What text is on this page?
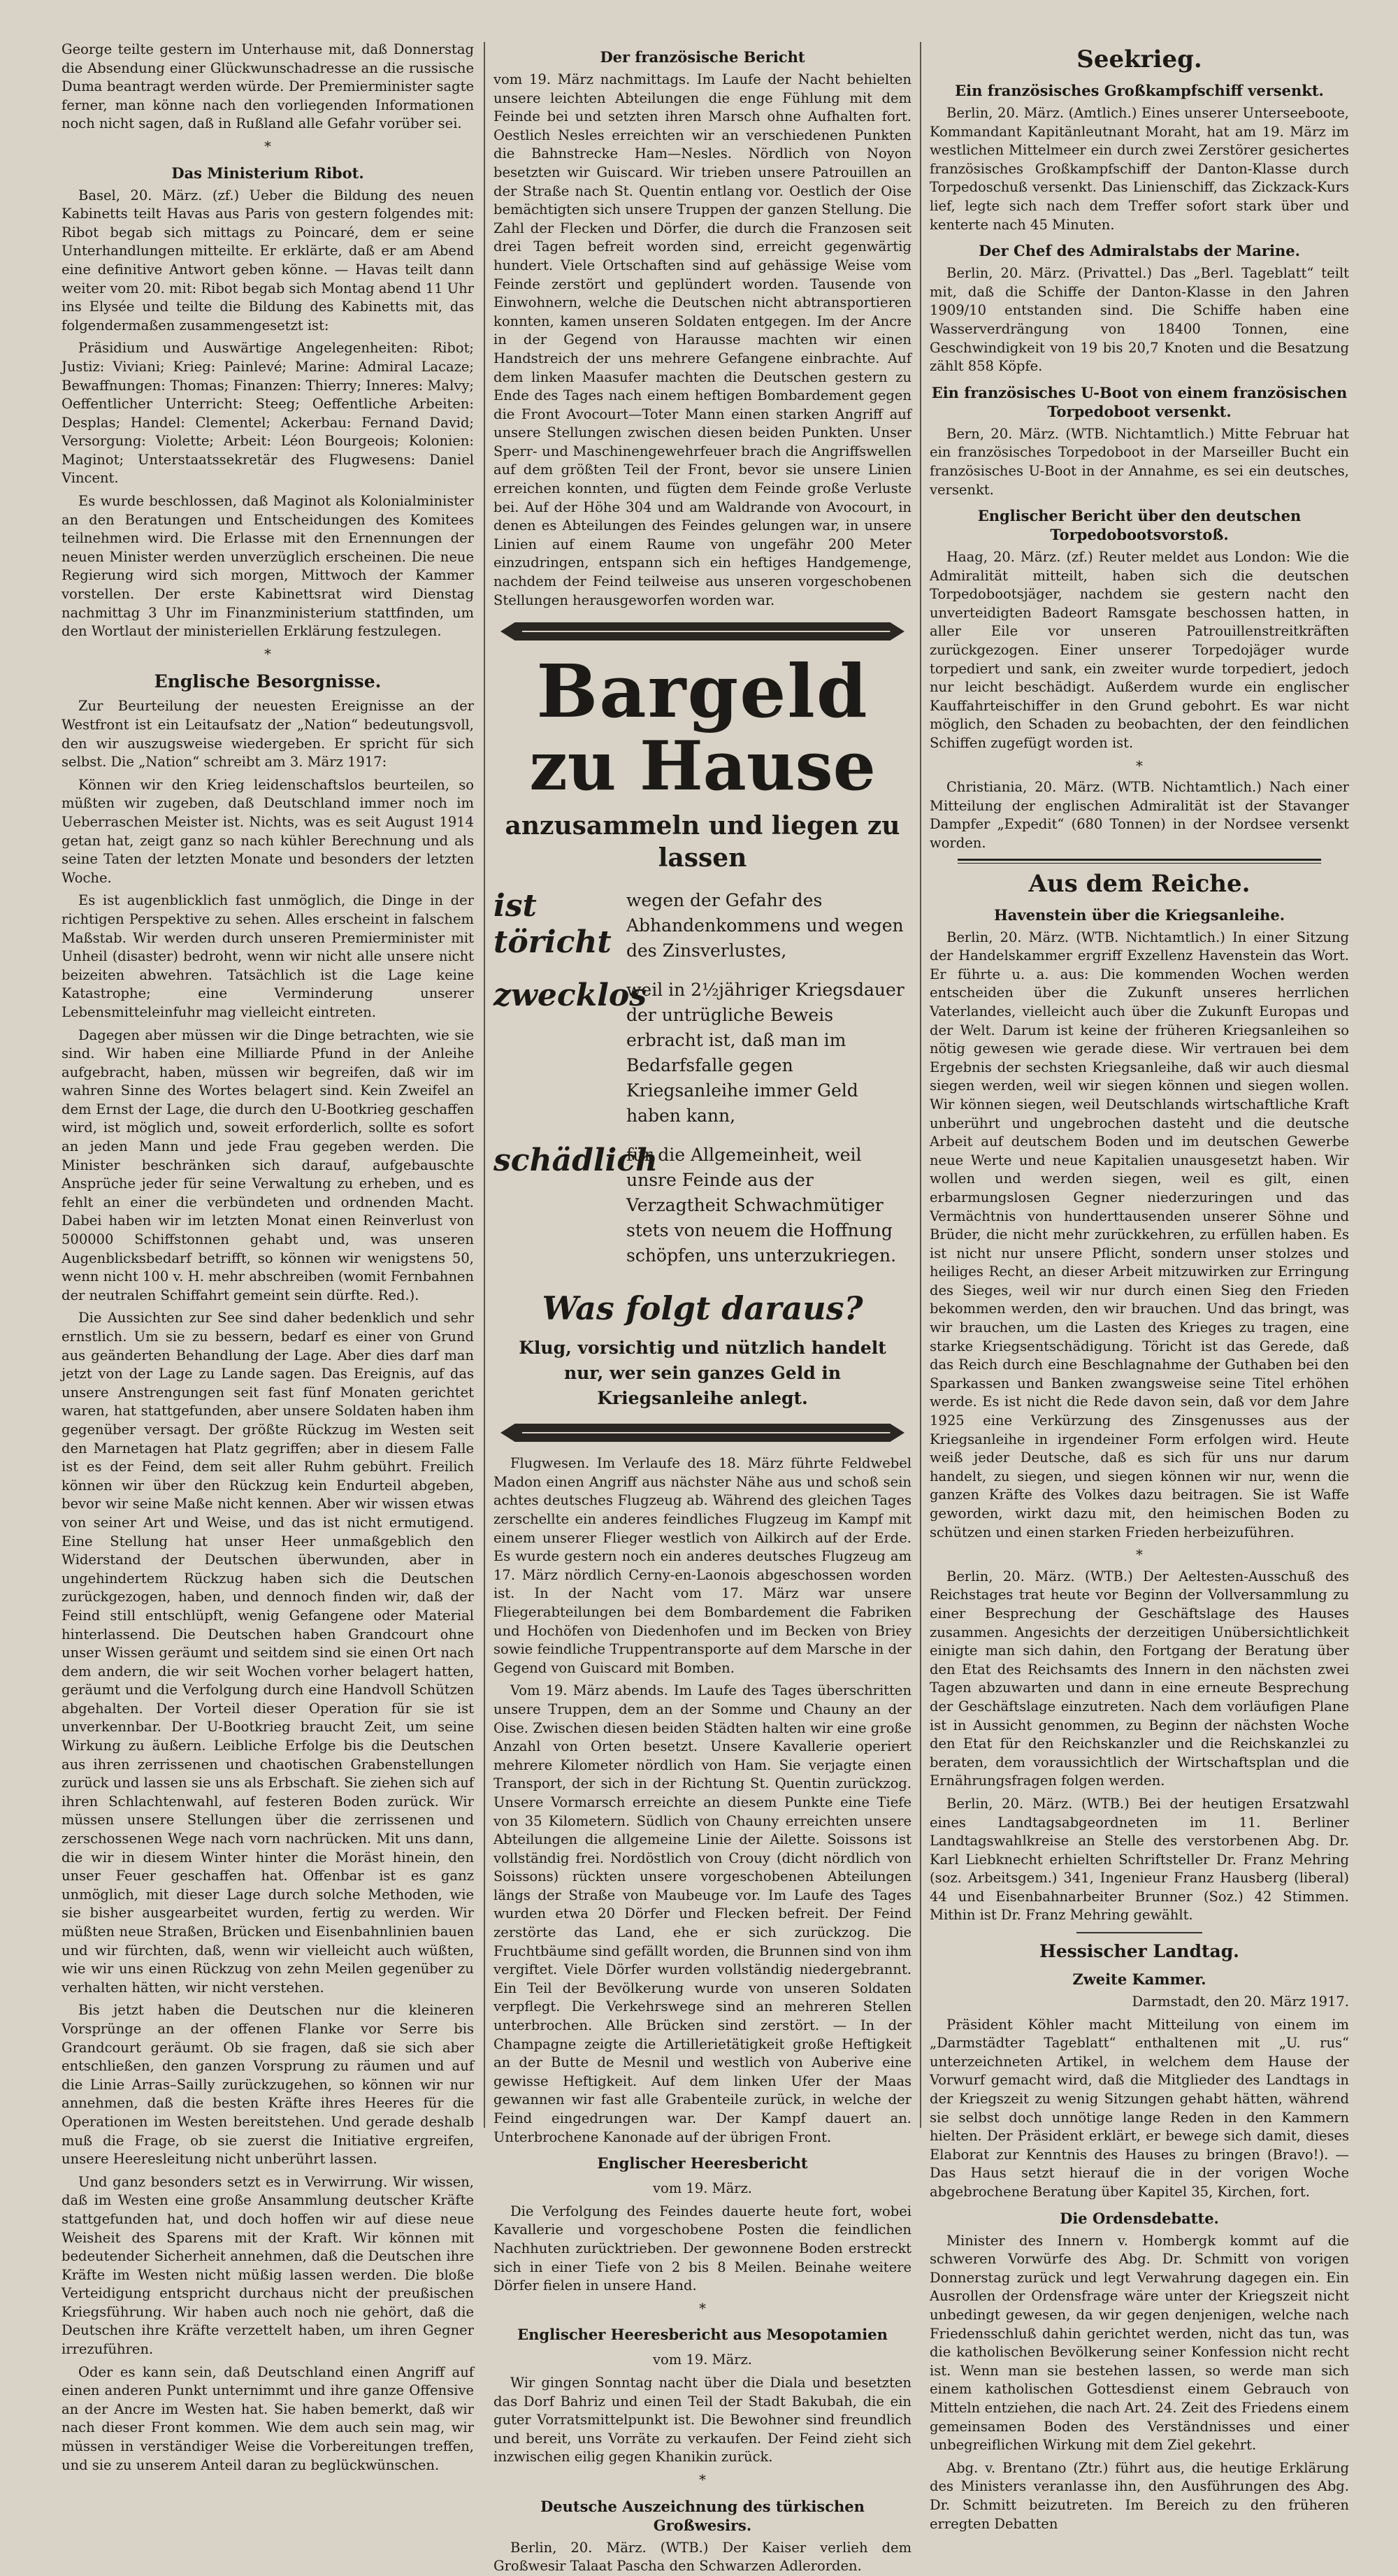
George teilte gestern im Unterhause mit, daß Donnerstag die Absendung einer Glückwunschadresse an die russische Duma beantragt werden würde. Der Premierminister sagte ferner, man könne nach den vorliegenden Informationen noch nicht sagen, daß in Rußland alle Gefahr vorüber sei.

*

Das Ministerium Ribot.

Basel, 20. März. (zf.) Ueber die Bildung des neuen Kabinetts teilt Havas aus Paris von gestern folgendes mit: Ribot begab sich mittags zu Poincaré, dem er seine Unterhandlungen mitteilte. Er erklärte, daß er am Abend eine definitive Antwort geben könne. — Havas teilt dann weiter vom 20. mit: Ribot begab sich Montag abend 11 Uhr ins Elysée und teilte die Bildung des Kabinetts mit, das folgendermaßen zusammengesetzt ist:

Präsidium und Auswärtige Angelegenheiten: Ribot; Justiz: Viviani; Krieg: Painlevé; Marine: Admiral Lacaze; Bewaffnungen: Thomas; Finanzen: Thierry; Inneres: Malvy; Oeffentlicher Unterricht: Steeg; Oeffentliche Arbeiten: Desplas; Handel: Clementel; Ackerbau: Fernand David; Versorgung: Violette; Arbeit: Léon Bourgeois; Kolonien: Maginot; Unterstaatssekretär des Flugwesens: Daniel Vincent.

Es wurde beschlossen, daß Maginot als Kolonialminister an den Beratungen und Entscheidungen des Komitees teilnehmen wird. Die Erlasse mit den Ernennungen der neuen Minister werden unverzüglich erscheinen. Die neue Regierung wird sich morgen, Mittwoch der Kammer vorstellen. Der erste Kabinettsrat wird Dienstag nachmittag 3 Uhr im Finanzministerium stattfinden, um den Wortlaut der ministeriellen Erklärung festzulegen.

*

Englische Besorgnisse.

Zur Beurteilung der neuesten Ereignisse an der Westfront ist ein Leitaufsatz der „Nation“ bedeutungsvoll, den wir auszugsweise wiedergeben. Er spricht für sich selbst. Die „Nation“ schreibt am 3. März 1917:

Können wir den Krieg leidenschaftslos beurteilen, so müßten wir zugeben, daß Deutschland immer noch im Ueberraschen Meister ist. Nichts, was es seit August 1914 getan hat, zeigt ganz so nach kühler Berechnung und als seine Taten der letzten Monate und besonders der letzten Woche.

Es ist augenblicklich fast unmöglich, die Dinge in der richtigen Perspektive zu sehen. Alles erscheint in falschem Maßstab. Wir werden durch unseren Premierminister mit Unheil (disaster) bedroht, wenn wir nicht alle unsere nicht beizeiten abwehren. Tatsächlich ist die Lage keine Katastrophe; eine Verminderung unserer Lebensmitteleinfuhr mag vielleicht eintreten.

Dagegen aber müssen wir die Dinge betrachten, wie sie sind. Wir haben eine Milliarde Pfund in der Anleihe aufgebracht, haben, müssen wir begreifen, daß wir im wahren Sinne des Wortes belagert sind. Kein Zweifel an dem Ernst der Lage, die durch den U-Bootkrieg geschaffen wird, ist möglich und, soweit erforderlich, sollte es sofort an jeden Mann und jede Frau gegeben werden. Die Minister beschränken sich darauf, aufgebauschte Ansprüche jeder für seine Verwaltung zu erheben, und es fehlt an einer die verbündeten und ordnenden Macht. Dabei haben wir im letzten Monat einen Reinverlust von 500000 Schiffstonnen gehabt und, was unseren Augenblicksbedarf betrifft, so können wir wenigstens 50, wenn nicht 100 v. H. mehr abschreiben (womit Fernbahnen der neutralen Schiffahrt gemeint sein dürfte. Red.).

Die Aussichten zur See sind daher bedenklich und sehr ernstlich. Um sie zu bessern, bedarf es einer von Grund aus geänderten Behandlung der Lage. Aber dies darf man jetzt von der Lage zu Lande sagen. Das Ereignis, auf das unsere Anstrengungen seit fast fünf Monaten gerichtet waren, hat stattgefunden, aber unsere Soldaten haben ihm gegenüber versagt. Der größte Rückzug im Westen seit den Marnetagen hat Platz gegriffen; aber in diesem Falle ist es der Feind, dem seit aller Ruhm gebührt. Freilich können wir über den Rückzug kein Endurteil abgeben, bevor wir seine Maße nicht kennen. Aber wir wissen etwas von seiner Art und Weise, und das ist nicht ermutigend. Eine Stellung hat unser Heer unmaßgeblich den Widerstand der Deutschen überwunden, aber in ungehindertem Rückzug haben sich die Deutschen zurückgezogen, haben, und dennoch finden wir, daß der Feind still entschlüpft, wenig Gefangene oder Material hinterlassend. Die Deutschen haben Grandcourt ohne unser Wissen geräumt und seitdem sind sie einen Ort nach dem andern, die wir seit Wochen vorher belagert hatten, geräumt und die Verfolgung durch eine Handvoll Schützen abgehalten. Der Vorteil dieser Operation für sie ist unverkennbar. Der U-Bootkrieg braucht Zeit, um seine Wirkung zu äußern. Leibliche Erfolge bis die Deutschen aus ihren zerrissenen und chaotischen Grabenstellungen zurück und lassen sie uns als Erbschaft. Sie ziehen sich auf ihren Schlachtenwahl, auf festeren Boden zurück. Wir müssen unsere Stellungen über die zerrissenen und zerschossenen Wege nach vorn nachrücken. Mit uns dann, die wir in diesem Winter hinter die Moräst hinein, den unser Feuer geschaffen hat. Offenbar ist es ganz unmöglich, mit dieser Lage durch solche Methoden, wie sie bisher ausgearbeitet wurden, fertig zu werden. Wir müßten neue Straßen, Brücken und Eisenbahnlinien bauen und wir fürchten, daß, wenn wir vielleicht auch wüßten, wie wir uns einen Rückzug von zehn Meilen gegenüber zu verhalten hätten, wir nicht verstehen.

Bis jetzt haben die Deutschen nur die kleineren Vorsprünge an der offenen Flanke vor Serre bis Grandcourt geräumt. Ob sie fragen, daß sie sich aber entschließen, den ganzen Vorsprung zu räumen und auf die Linie Arras–Sailly zurückzugehen, so können wir nur annehmen, daß die besten Kräfte ihres Heeres für die Operationen im Westen bereitstehen. Und gerade deshalb muß die Frage, ob sie zuerst die Initiative ergreifen, unsere Heeresleitung nicht unberührt lassen.

Und ganz besonders setzt es in Verwirrung. Wir wissen, daß im Westen eine große Ansammlung deutscher Kräfte stattgefunden hat, und doch hoffen wir auf diese neue Weisheit des Sparens mit der Kraft. Wir können mit bedeutender Sicherheit annehmen, daß die Deutschen ihre Kräfte im Westen nicht müßig lassen werden. Die bloße Verteidigung entspricht durchaus nicht der preußischen Kriegsführung. Wir haben auch noch nie gehört, daß die Deutschen ihre Kräfte verzettelt haben, um ihren Gegner irrezuführen.

Oder es kann sein, daß Deutschland einen Angriff auf einen anderen Punkt unternimmt und ihre ganze Offensive an der Ancre im Westen hat. Sie haben bemerkt, daß wir nach dieser Front kommen. Wie dem auch sein mag, wir müssen in verständiger Weise die Vorbereitungen treffen, und sie zu unserem Anteil daran zu beglückwünschen.

Der französische Bericht

vom 19. März nachmittags. Im Laufe der Nacht behielten unsere leichten Abteilungen die enge Fühlung mit dem Feinde bei und setzten ihren Marsch ohne Aufhalten fort. Oestlich Nesles erreichten wir an verschiedenen Punkten die Bahnstrecke Ham—Nesles. Nördlich von Noyon besetzten wir Guiscard. Wir trieben unsere Patrouillen an der Straße nach St. Quentin entlang vor. Oestlich der Oise bemächtigten sich unsere Truppen der ganzen Stellung. Die Zahl der Flecken und Dörfer, die durch die Franzosen seit drei Tagen befreit worden sind, erreicht gegenwärtig hundert. Viele Ortschaften sind auf gehässige Weise vom Feinde zerstört und geplündert worden. Tausende von Einwohnern, welche die Deutschen nicht abtransportieren konnten, kamen unseren Soldaten entgegen. Im der Ancre in der Gegend von Harausse machten wir einen Handstreich der uns mehrere Gefangene einbrachte. Auf dem linken Maasufer machten die Deutschen gestern zu Ende des Tages nach einem heftigen Bombardement gegen die Front Avocourt—Toter Mann einen starken Angriff auf unsere Stellungen zwischen diesen beiden Punkten. Unser Sperr- und Maschinengewehrfeuer brach die Angriffswellen auf dem größten Teil der Front, bevor sie unsere Linien erreichen konnten, und fügten dem Feinde große Verluste bei. Auf der Höhe 304 und am Waldrande von Avocourt, in denen es Abteilungen des Feindes gelungen war, in unsere Linien auf einem Raume von ungefähr 200 Meter einzudringen, entspann sich ein heftiges Handgemenge, nachdem der Feind teilweise aus unseren vorgeschobenen Stellungen herausgeworfen worden war.

Bargeld
zu Hause
anzusammeln und liegen zu lassen
ist töricht
wegen der Gefahr des Abhandenkommens und wegen des Zinsverlustes,
zwecklos
weil in 2½jähriger Kriegsdauer der untrügliche Beweis erbracht ist, daß man im Bedarfsfalle gegen Kriegsanleihe immer Geld haben kann,
schädlich
für die Allgemeinheit, weil unsre Feinde aus der Verzagtheit Schwachmütiger stets von neuem die Hoffnung schöpfen, uns unterzukriegen.
Was folgt daraus?
Klug, vorsichtig und nützlich handelt nur, wer sein ganzes Geld in Kriegsanleihe anlegt.

Flugwesen. Im Verlaufe des 18. März führte Feldwebel Madon einen Angriff aus nächster Nähe aus und schoß sein achtes deutsches Flugzeug ab. Während des gleichen Tages zerschellte ein anderes feindliches Flugzeug im Kampf mit einem unserer Flieger westlich von Ailkirch auf der Erde. Es wurde gestern noch ein anderes deutsches Flugzeug am 17. März nördlich Cerny-en-Laonois abgeschossen worden ist. In der Nacht vom 17. März war unsere Fliegerabteilungen bei dem Bombardement die Fabriken und Hochöfen von Diedenhofen und im Becken von Briey sowie feindliche Truppentransporte auf dem Marsche in der Gegend von Guiscard mit Bomben.

Vom 19. März abends. Im Laufe des Tages überschritten unsere Truppen, dem an der Somme und Chauny an der Oise. Zwischen diesen beiden Städten halten wir eine große Anzahl von Orten besetzt. Unsere Kavallerie operiert mehrere Kilometer nördlich von Ham. Sie verjagte einen Transport, der sich in der Richtung St. Quentin zurückzog. Unsere Vormarsch erreichte an diesem Punkte eine Tiefe von 35 Kilometern. Südlich von Chauny erreichten unsere Abteilungen die allgemeine Linie der Ailette. Soissons ist vollständig frei. Nordöstlich von Crouy (dicht nördlich von Soissons) rückten unsere vorgeschobenen Abteilungen längs der Straße von Maubeuge vor. Im Laufe des Tages wurden etwa 20 Dörfer und Flecken befreit. Der Feind zerstörte das Land, ehe er sich zurückzog. Die Fruchtbäume sind gefällt worden, die Brunnen sind von ihm vergiftet. Viele Dörfer wurden vollständig niedergebrannt. Ein Teil der Bevölkerung wurde von unseren Soldaten verpflegt. Die Verkehrswege sind an mehreren Stellen unterbrochen. Alle Brücken sind zerstört. — In der Champagne zeigte die Artillerietätigkeit große Heftigkeit an der Butte de Mesnil und westlich von Auberive eine gewisse Heftigkeit. Auf dem linken Ufer der Maas gewannen wir fast alle Grabenteile zurück, in welche der Feind eingedrungen war. Der Kampf dauert an. Unterbrochene Kanonade auf der übrigen Front.

Englischer Heeresbericht

vom 19. März.

Die Verfolgung des Feindes dauerte heute fort, wobei Kavallerie und vorgeschobene Posten die feindlichen Nachhuten zurücktrieben. Der gewonnene Boden erstreckt sich in einer Tiefe von 2 bis 8 Meilen. Beinahe weitere Dörfer fielen in unsere Hand.

*

Englischer Heeresbericht aus Mesopotamien

vom 19. März.

Wir gingen Sonntag nacht über die Diala und besetzten das Dorf Bahriz und einen Teil der Stadt Bakubah, die ein guter Vorratsmittelpunkt ist. Die Bewohner sind freundlich und bereit, uns Vorräte zu verkaufen. Der Feind zieht sich inzwischen eilig gegen Khanikin zurück.

*

Deutsche Auszeichnung des türkischen Großwesirs.

Berlin, 20. März. (WTB.) Der Kaiser verlieh dem Großwesir Talaat Pascha den Schwarzen Adlerorden.

Seekrieg.

Ein französisches Großkampfschiff versenkt.

Berlin, 20. März. (Amtlich.) Eines unserer Unterseeboote, Kommandant Kapitänleutnant Moraht, hat am 19. März im westlichen Mittelmeer ein durch zwei Zerstörer gesichertes französisches Großkampfschiff der Danton-Klasse durch Torpedoschuß versenkt. Das Linienschiff, das Zickzack-Kurs lief, legte sich nach dem Treffer sofort stark über und kenterte nach 45 Minuten.

Der Chef des Admiralstabs der Marine.

Berlin, 20. März. (Privattel.) Das „Berl. Tageblatt“ teilt mit, daß die Schiffe der Danton-Klasse in den Jahren 1909/10 entstanden sind. Die Schiffe haben eine Wasserverdrängung von 18400 Tonnen, eine Geschwindigkeit von 19 bis 20,7 Knoten und die Besatzung zählt 858 Köpfe.

Ein französisches U-Boot von einem französischen Torpedoboot versenkt.

Bern, 20. März. (WTB. Nichtamtlich.) Mitte Februar hat ein französisches Torpedoboot in der Marseiller Bucht ein französisches U-Boot in der Annahme, es sei ein deutsches, versenkt.

Englischer Bericht über den deutschen Torpedobootsvorstoß.

Haag, 20. März. (zf.) Reuter meldet aus London: Wie die Admiralität mitteilt, haben sich die deutschen Torpedobootsjäger, nachdem sie gestern nacht den unverteidigten Badeort Ramsgate beschossen hatten, in aller Eile vor unseren Patrouillenstreitkräften zurückgezogen. Einer unserer Torpedojäger wurde torpediert und sank, ein zweiter wurde torpediert, jedoch nur leicht beschädigt. Außerdem wurde ein englischer Kauffahrteischiffer in den Grund gebohrt. Es war nicht möglich, den Schaden zu beobachten, der den feindlichen Schiffen zugefügt worden ist.

*

Christiania, 20. März. (WTB. Nichtamtlich.) Nach einer Mitteilung der englischen Admiralität ist der Stavanger Dampfer „Expedit“ (680 Tonnen) in der Nordsee versenkt worden.

Aus dem Reiche.

Havenstein über die Kriegsanleihe.

Berlin, 20. März. (WTB. Nichtamtlich.) In einer Sitzung der Handelskammer ergriff Exzellenz Havenstein das Wort. Er führte u. a. aus: Die kommenden Wochen werden entscheiden über die Zukunft unseres herrlichen Vaterlandes, vielleicht auch über die Zukunft Europas und der Welt. Darum ist keine der früheren Kriegsanleihen so nötig gewesen wie gerade diese. Wir vertrauen bei dem Ergebnis der sechsten Kriegsanleihe, daß wir auch diesmal siegen werden, weil wir siegen können und siegen wollen. Wir können siegen, weil Deutschlands wirtschaftliche Kraft unberührt und ungebrochen dasteht und die deutsche Arbeit auf deutschem Boden und im deutschen Gewerbe neue Werte und neue Kapitalien unausgesetzt haben. Wir wollen und werden siegen, weil es gilt, einen erbarmungslosen Gegner niederzuringen und das Vermächtnis von hunderttausenden unserer Söhne und Brüder, die nicht mehr zurückkehren, zu erfüllen haben. Es ist nicht nur unsere Pflicht, sondern unser stolzes und heiliges Recht, an dieser Arbeit mitzuwirken zur Erringung des Sieges, weil wir nur durch einen Sieg den Frieden bekommen werden, den wir brauchen. Und das bringt, was wir brauchen, um die Lasten des Krieges zu tragen, eine starke Kriegsentschädigung. Töricht ist das Gerede, daß das Reich durch eine Beschlagnahme der Guthaben bei den Sparkassen und Banken zwangsweise seine Titel erhöhen werde. Es ist nicht die Rede davon sein, daß vor dem Jahre 1925 eine Verkürzung des Zinsgenusses aus der Kriegsanleihe in irgendeiner Form erfolgen wird. Heute weiß jeder Deutsche, daß es sich für uns nur darum handelt, zu siegen, und siegen können wir nur, wenn die ganzen Kräfte des Volkes dazu beitragen. Sie ist Waffe geworden, wirkt dazu mit, den heimischen Boden zu schützen und einen starken Frieden herbeizuführen.

*

Berlin, 20. März. (WTB.) Der Aeltesten-Ausschuß des Reichstages trat heute vor Beginn der Vollversammlung zu einer Besprechung der Geschäftslage des Hauses zusammen. Angesichts der derzeitigen Unübersichtlichkeit einigte man sich dahin, den Fortgang der Beratung über den Etat des Reichsamts des Innern in den nächsten zwei Tagen abzuwarten und dann in eine erneute Besprechung der Geschäftslage einzutreten. Nach dem vorläufigen Plane ist in Aussicht genommen, zu Beginn der nächsten Woche den Etat für den Reichskanzler und die Reichskanzlei zu beraten, dem voraussichtlich der Wirtschaftsplan und die Ernährungsfragen folgen werden.

Berlin, 20. März. (WTB.) Bei der heutigen Ersatzwahl eines Landtagsabgeordneten im 11. Berliner Landtagswahlkreise an Stelle des verstorbenen Abg. Dr. Karl Liebknecht erhielten Schriftsteller Dr. Franz Mehring (soz. Arbeitsgem.) 341, Ingenieur Franz Hausberg (liberal) 44 und Eisenbahnarbeiter Brunner (Soz.) 42 Stimmen. Mithin ist Dr. Franz Mehring gewählt.

Hessischer Landtag.

Zweite Kammer.

Darmstadt, den 20. März 1917.

Präsident Köhler macht Mitteilung von einem im „Darmstädter Tageblatt“ enthaltenen mit „U. rus“ unterzeichneten Artikel, in welchem dem Hause der Vorwurf gemacht wird, daß die Mitglieder des Landtags in der Kriegszeit zu wenig Sitzungen gehabt hätten, während sie selbst doch unnötige lange Reden in den Kammern hielten. Der Präsident erklärt, er bewege sich damit, dieses Elaborat zur Kenntnis des Hauses zu bringen (Bravo!). — Das Haus setzt hierauf die in der vorigen Woche abgebrochene Beratung über Kapitel 35, Kirchen, fort.

Die Ordensdebatte.

Minister des Innern v. Hombergk kommt auf die schweren Vorwürfe des Abg. Dr. Schmitt von vorigen Donnerstag zurück und legt Verwahrung dagegen ein. Ein Ausrollen der Ordensfrage wäre unter der Kriegszeit nicht unbedingt gewesen, da wir gegen denjenigen, welche nach Friedensschluß dahin gerichtet werden, nicht das tun, was die katholischen Bevölkerung seiner Konfession nicht recht ist. Wenn man sie bestehen lassen, so werde man sich einem katholischen Gottesdienst einem Gebrauch von Mitteln entziehen, die nach Art. 24. Zeit des Friedens einem gemeinsamen Boden des Verständnisses und einer unbegreiflichen Wirkung mit dem Ziel gekehrt.

Abg. v. Brentano (Ztr.) führt aus, die heutige Erklärung des Ministers veranlasse ihn, den Ausführungen des Abg. Dr. Schmitt beizutreten. Im Bereich zu den früheren erregten Debatten
